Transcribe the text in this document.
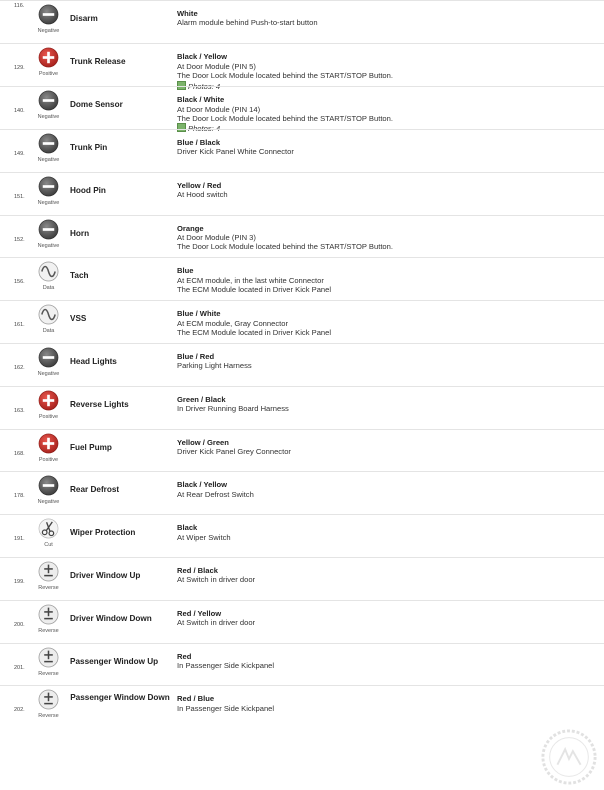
116.
Negative
Disarm
White
Alarm module behind Push-to-start button
129.
Positive
Trunk Release
Black / Yellow
At Door Module (PIN 5)
The Door Lock Module located behind the START/STOP Button.
Photos: 4
140.
Negative
Dome Sensor
Black / White
At Door Module (PIN 14)
The Door Lock Module located behind the START/STOP Button.
Photos: 4
149.
Negative
Trunk Pin
Blue / Black
Driver Kick Panel White Connector
151.
Negative
Hood Pin
Yellow / Red
At Hood switch
152.
Negative
Horn
Orange
At Door Module (PIN 3)
The Door Lock Module located behind the START/STOP Button.
156.
Data
Tach
Blue
At ECM module, in the last white Connector
The ECM Module located in Driver Kick Panel
161.
Data
VSS
Blue / White
At ECM module, Gray Connector
The ECM Module located in Driver Kick Panel
162.
Negative
Head Lights
Blue / Red
Parking Light Harness
163.
Positive
Reverse Lights
Green / Black
In Driver Running Board Harness
168.
Positive
Fuel Pump
Yellow / Green
Driver Kick Panel Grey Connector
178.
Negative
Rear Defrost
Black / Yellow
At Rear Defrost Switch
191.
Cut
Wiper Protection
Black
At Wiper Switch
199.
Reverse
Driver Window Up
Red / Black
At Switch in driver door
200.
Reverse
Driver Window Down
Red / Yellow
At Switch in driver door
201.
Reverse
Passenger Window Up
Red
In Passenger Side Kickpanel
202.
Reverse
Passenger Window Down Red / Blue
In Passenger Side Kickpanel
